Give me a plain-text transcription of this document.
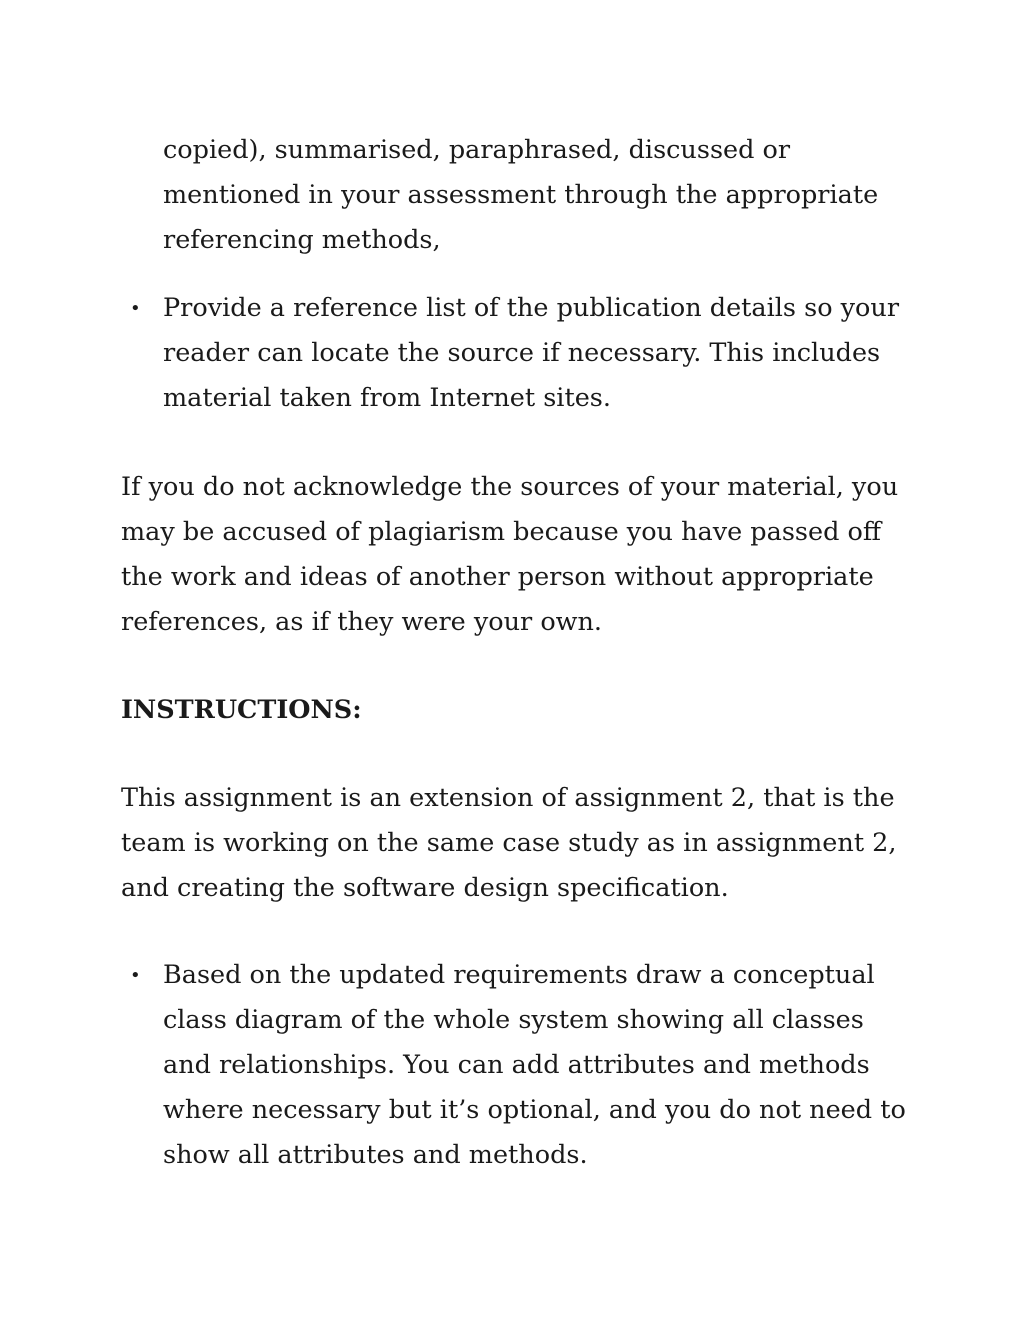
copied), summarised, paraphrased, discussed or mentioned in your assessment through the appropriate referencing methods,
• Provide a reference list of the publication details so your reader can locate the source if necessary. This includes material taken from Internet sites.

If you do not acknowledge the sources of your material, you may be accused of plagiarism because you have passed off the work and ideas of another person without appropriate references, as if they were your own.

INSTRUCTIONS:

This assignment is an extension of assignment 2, that is the team is working on the same case study as in assignment 2, and creating the software design specification.

• Based on the updated requirements draw a conceptual class diagram of the whole system showing all classes and relationships. You can add attributes and methods where necessary but it’s optional, and you do not need to show all attributes and methods.
